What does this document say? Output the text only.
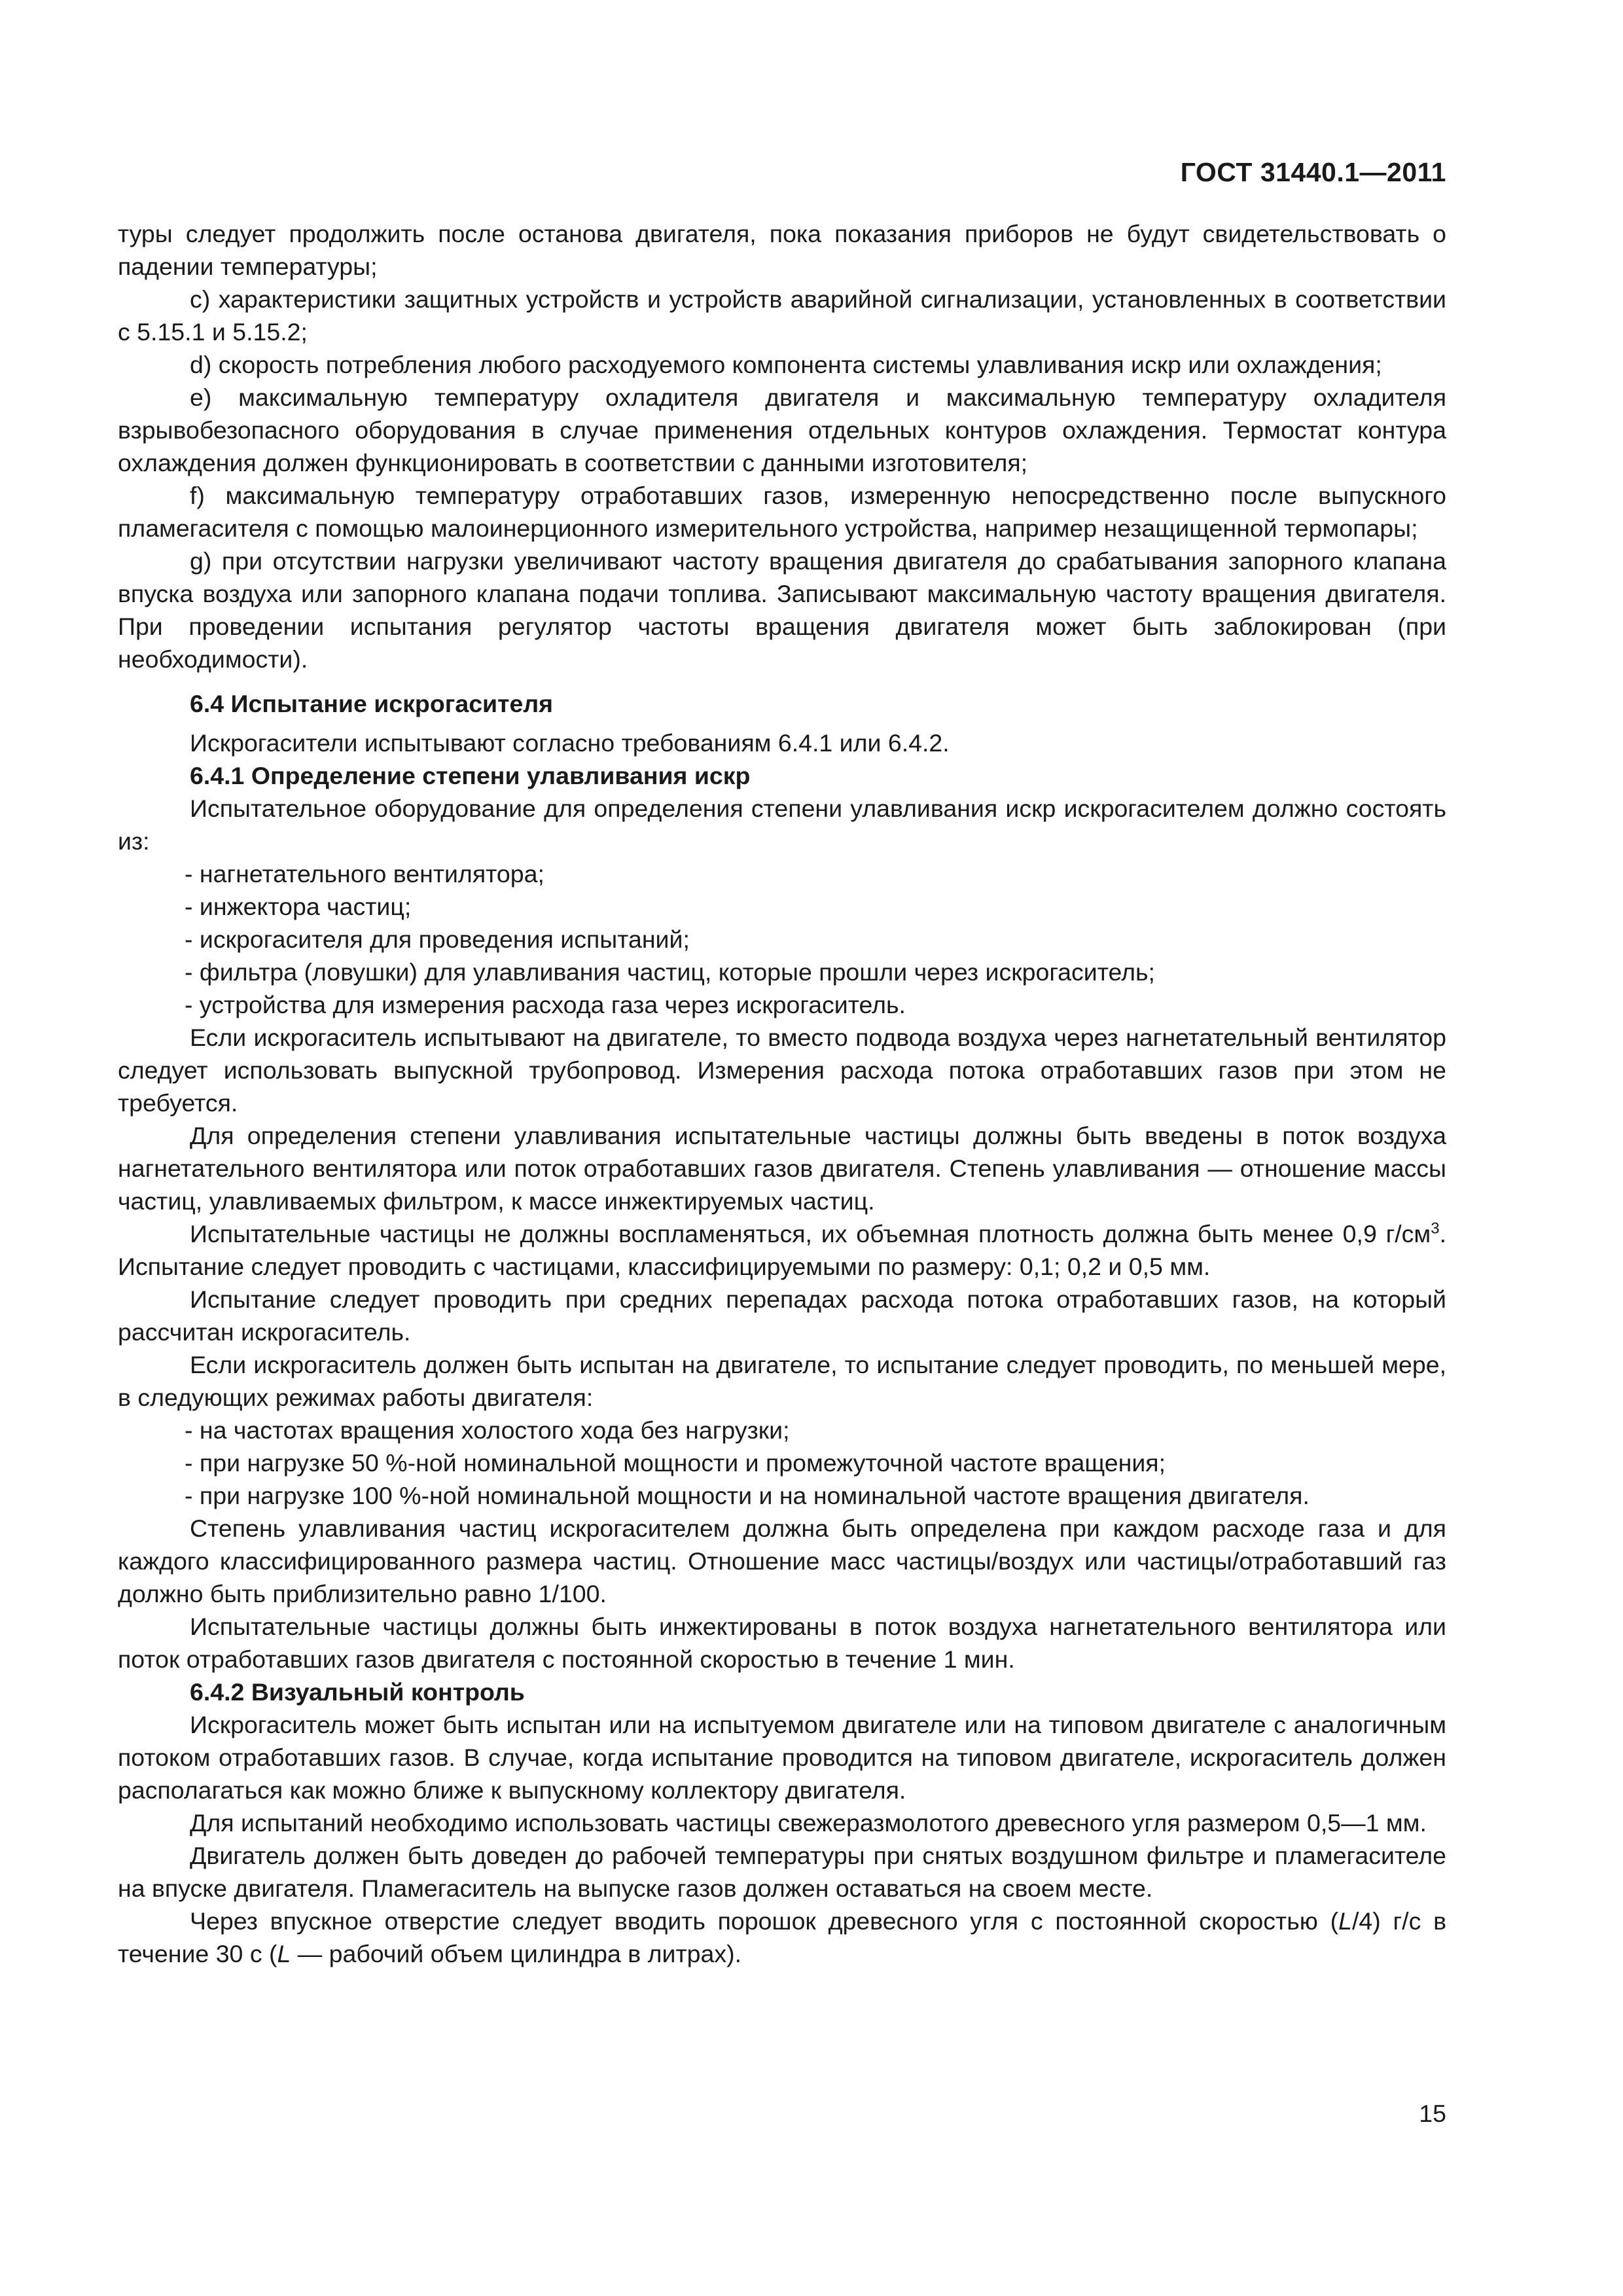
ГОСТ 31440.1—2011

туры следует продолжить после останова двигателя, пока показания приборов не будут свидетельствовать о падении температуры;

c) характеристики защитных устройств и устройств аварийной сигнализации, установленных в соответствии с 5.15.1 и 5.15.2;

d) скорость потребления любого расходуемого компонента системы улавливания искр или охлаждения;

e) максимальную температуру охладителя двигателя и максимальную температуру охладителя взрывобезопасного оборудования в случае применения отдельных контуров охлаждения. Термостат контура охлаждения должен функционировать в соответствии с данными изготовителя;

f) максимальную температуру отработавших газов, измеренную непосредственно после выпускного пламегасителя с помощью малоинерционного измерительного устройства, например незащищенной термопары;

g) при отсутствии нагрузки увеличивают частоту вращения двигателя до срабатывания запорного клапана впуска воздуха или запорного клапана подачи топлива. Записывают максимальную частоту вращения двигателя. При проведении испытания регулятор частоты вращения двигателя может быть заблокирован (при необходимости).

6.4 Испытание искрогасителя

Искрогасители испытывают согласно требованиям 6.4.1 или 6.4.2.

6.4.1 Определение степени улавливания искр

Испытательное оборудование для определения степени улавливания искр искрогасителем должно состоять из:

- нагнетательного вентилятора;
- инжектора частиц;
- искрогасителя для проведения испытаний;
- фильтра (ловушки) для улавливания частиц, которые прошли через искрогаситель;
- устройства для измерения расхода газа через искрогаситель.

Если искрогаситель испытывают на двигателе, то вместо подвода воздуха через нагнетательный вентилятор следует использовать выпускной трубопровод. Измерения расхода потока отработавших газов при этом не требуется.

Для определения степени улавливания испытательные частицы должны быть введены в поток воздуха нагнетательного вентилятора или поток отработавших газов двигателя. Степень улавливания — отношение массы частиц, улавливаемых фильтром, к массе инжектируемых частиц.

Испытательные частицы не должны воспламеняться, их объемная плотность должна быть менее 0,9 $г/см^3$. Испытание следует проводить с частицами, классифицируемыми по размеру: 0,1; 0,2 и 0,5 мм.

Испытание следует проводить при средних перепадах расхода потока отработавших газов, на который рассчитан искрогаситель.

Если искрогаситель должен быть испытан на двигателе, то испытание следует проводить, по меньшей мере, в следующих режимах работы двигателя:

- на частотах вращения холостого хода без нагрузки;
- при нагрузке 50 %-ной номинальной мощности и промежуточной частоте вращения;
- при нагрузке 100 %-ной номинальной мощности и на номинальной частоте вращения двигателя.

Степень улавливания частиц искрогасителем должна быть определена при каждом расходе газа и для каждого классифицированного размера частиц. Отношение масс частицы/воздух или частицы/отработавший газ должно быть приблизительно равно 1/100.

Испытательные частицы должны быть инжектированы в поток воздуха нагнетательного вентилятора или поток отработавших газов двигателя с постоянной скоростью в течение 1 мин.

6.4.2 Визуальный контроль

Искрогаситель может быть испытан или на испытуемом двигателе или на типовом двигателе с аналогичным потоком отработавших газов. В случае, когда испытание проводится на типовом двигателе, искрогаситель должен располагаться как можно ближе к выпускному коллектору двигателя.

Для испытаний необходимо использовать частицы свежеразмолотого древесного угля размером 0,5—1 мм.

Двигатель должен быть доведен до рабочей температуры при снятых воздушном фильтре и пламегасителе на впуске двигателя. Пламегаситель на выпуске газов должен оставаться на своем месте.

Через впускное отверстие следует вводить порошок древесного угля с постоянной скоростью (L/4) г/с в течение 30 с (L — рабочий объем цилиндра в литрах).

15
